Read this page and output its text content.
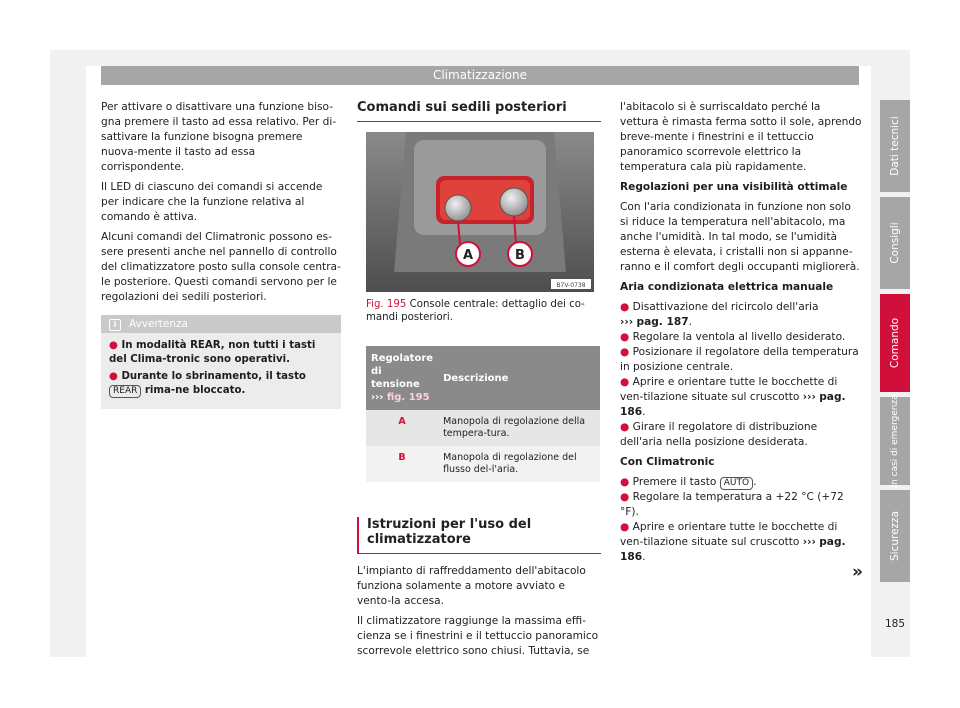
Climatizzazione

Per attivare o disattivare una funzione biso-gna premere il tasto ad essa relativo. Per di-sattivare la funzione bisogna premere nuova-mente il tasto ad essa corrispondente.

Il LED di ciascuno dei comandi si accende per indicare che la funzione relativa al comando è attiva.

Alcuni comandi del Climatronic possono es-sere presenti anche nel pannello di controllo del climatizzatore posto sulla console centra-le posteriore. Questi comandi servono per le regolazioni dei sedili posteriori.

i Avvertenza
● In modalità REAR, non tutti i tasti del Clima-tronic sono operativi.
● Durante lo sbrinamento, il tasto REAR rima-ne bloccato.
Comandi sui sedili posteriori
A	B
B7V-0738
Fig. 195 Console centrale: dettaglio dei co-mandi posteriori.
Regolatore
di tensione
››› fig. 195	Descrizione
A	Manopola di regolazione della tempera-tura.
B	Manopola di regolazione del flusso del-l'aria.
Istruzioni per l'uso del climatizzatore

L'impianto di raffreddamento dell'abitacolo funziona solamente a motore avviato e vento-la accesa.

Il climatizzatore raggiunge la massima effi-cienza se i finestrini e il tettuccio panoramico scorrevole elettrico sono chiusi. Tuttavia, se

l'abitacolo si è surriscaldato perché la vettura è rimasta ferma sotto il sole, aprendo breve-mente i finestrini e il tettuccio panoramico scorrevole elettrico la temperatura cala più rapidamente.

Regolazioni per una visibilità ottimale

Con l'aria condizionata in funzione non solo si riduce la temperatura nell'abitacolo, ma anche l'umidità. In tal modo, se l'umidità esterna è elevata, i cristalli non si appanne-ranno e il comfort degli occupanti migliorerà.

Aria condizionata elettrica manuale

● Disattivazione del ricircolo dell'aria
››› pag. 187.
● Regolare la ventola al livello desiderato.
● Posizionare il regolatore della temperatura in posizione centrale.
● Aprire e orientare tutte le bocchette di ven-tilazione situate sul cruscotto ››› pag. 186.
● Girare il regolatore di distribuzione dell'aria nella posizione desiderata.

Con Climatronic

● Premere il tasto AUTO .
● Regolare la temperatura a +22 °C (+72 °F).
● Aprire e orientare tutte le bocchette di ven-tilazione situate sul cruscotto ››› pag. 186.
»
Dati tecnici
Consigli
Comando
In casi di emergenza
Sicurezza
185
